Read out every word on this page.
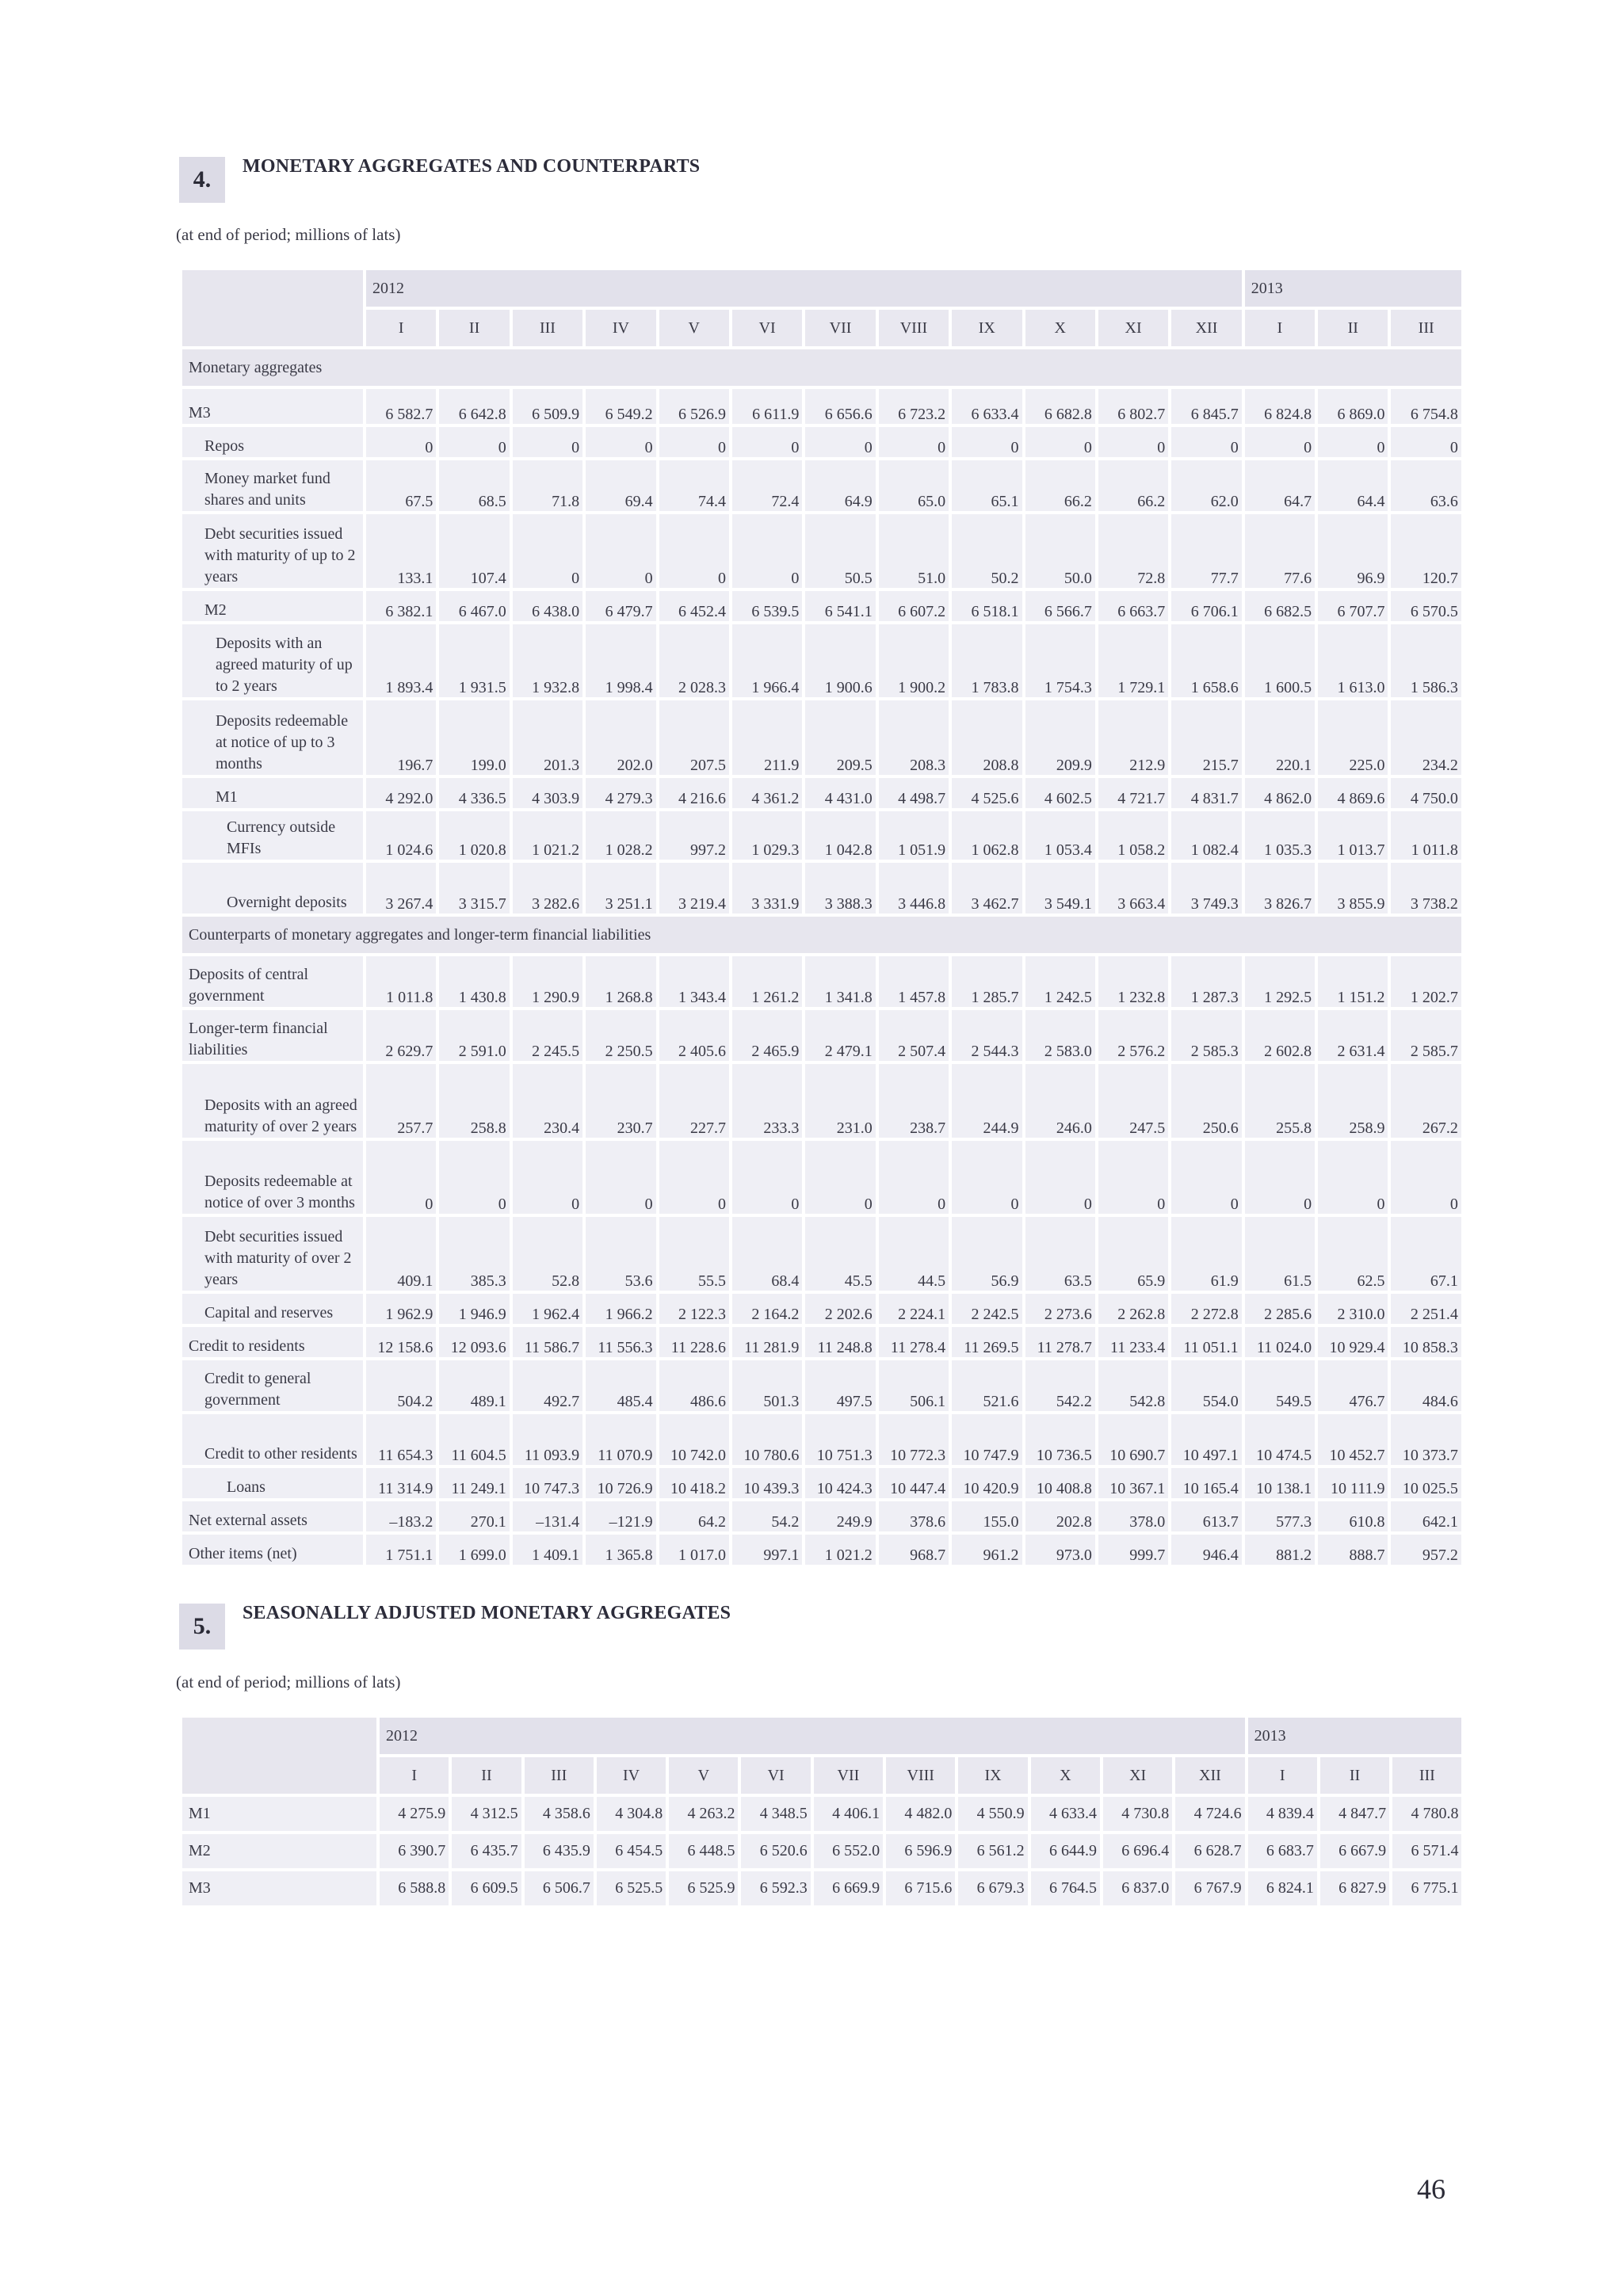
4.	MONETARY AGGREGATES AND COUNTERPARTS
(at end of period; millions of lats)
	2012												2013		
	I	II	III	IV	V	VI	VII	VIII	IX	X	XI	XII	I	II	III
Monetary aggregates															
M3	6 582.7	6 642.8	6 509.9	6 549.2	6 526.9	6 611.9	6 656.6	6 723.2	6 633.4	6 682.8	6 802.7	6 845.7	6 824.8	6 869.0	6 754.8
Repos	0	0	0	0	0	0	0	0	0	0	0	0	0	0	0
Money market fund shares and units	67.5	68.5	71.8	69.4	74.4	72.4	64.9	65.0	65.1	66.2	66.2	62.0	64.7	64.4	63.6
Debt securities issued with maturity of up to 2 years	133.1	107.4	0	0	0	0	50.5	51.0	50.2	50.0	72.8	77.7	77.6	96.9	120.7
M2	6 382.1	6 467.0	6 438.0	6 479.7	6 452.4	6 539.5	6 541.1	6 607.2	6 518.1	6 566.7	6 663.7	6 706.1	6 682.5	6 707.7	6 570.5
Deposits with an agreed maturity of up to 2 years	1 893.4	1 931.5	1 932.8	1 998.4	2 028.3	1 966.4	1 900.6	1 900.2	1 783.8	1 754.3	1 729.1	1 658.6	1 600.5	1 613.0	1 586.3
Deposits redeemable at notice of up to 3 months	196.7	199.0	201.3	202.0	207.5	211.9	209.5	208.3	208.8	209.9	212.9	215.7	220.1	225.0	234.2
M1	4 292.0	4 336.5	4 303.9	4 279.3	4 216.6	4 361.2	4 431.0	4 498.7	4 525.6	4 602.5	4 721.7	4 831.7	4 862.0	4 869.6	4 750.0
Currency outside MFIs	1 024.6	1 020.8	1 021.2	1 028.2	997.2	1 029.3	1 042.8	1 051.9	1 062.8	1 053.4	1 058.2	1 082.4	1 035.3	1 013.7	1 011.8
Overnight deposits	3 267.4	3 315.7	3 282.6	3 251.1	3 219.4	3 331.9	3 388.3	3 446.8	3 462.7	3 549.1	3 663.4	3 749.3	3 826.7	3 855.9	3 738.2
Counterparts of monetary aggregates and longer-term financial liabilities															
Deposits of central government	1 011.8	1 430.8	1 290.9	1 268.8	1 343.4	1 261.2	1 341.8	1 457.8	1 285.7	1 242.5	1 232.8	1 287.3	1 292.5	1 151.2	1 202.7
Longer-term financial liabilities	2 629.7	2 591.0	2 245.5	2 250.5	2 405.6	2 465.9	2 479.1	2 507.4	2 544.3	2 583.0	2 576.2	2 585.3	2 602.8	2 631.4	2 585.7
Deposits with an agreed maturity of over 2 years	257.7	258.8	230.4	230.7	227.7	233.3	231.0	238.7	244.9	246.0	247.5	250.6	255.8	258.9	267.2
Deposits redeemable at notice of over 3 months	0	0	0	0	0	0	0	0	0	0	0	0	0	0	0
Debt securities issued with maturity of over 2 years	409.1	385.3	52.8	53.6	55.5	68.4	45.5	44.5	56.9	63.5	65.9	61.9	61.5	62.5	67.1
Capital and reserves	1 962.9	1 946.9	1 962.4	1 966.2	2 122.3	2 164.2	2 202.6	2 224.1	2 242.5	2 273.6	2 262.8	2 272.8	2 285.6	2 310.0	2 251.4
Credit to residents	12 158.6	12 093.6	11 586.7	11 556.3	11 228.6	11 281.9	11 248.8	11 278.4	11 269.5	11 278.7	11 233.4	11 051.1	11 024.0	10 929.4	10 858.3
Credit to general government	504.2	489.1	492.7	485.4	486.6	501.3	497.5	506.1	521.6	542.2	542.8	554.0	549.5	476.7	484.6
Credit to other residents	11 654.3	11 604.5	11 093.9	11 070.9	10 742.0	10 780.6	10 751.3	10 772.3	10 747.9	10 736.5	10 690.7	10 497.1	10 474.5	10 452.7	10 373.7
Loans	11 314.9	11 249.1	10 747.3	10 726.9	10 418.2	10 439.3	10 424.3	10 447.4	10 420.9	10 408.8	10 367.1	10 165.4	10 138.1	10 111.9	10 025.5
Net external assets	–183.2	270.1	–131.4	–121.9	64.2	54.2	249.9	378.6	155.0	202.8	378.0	613.7	577.3	610.8	642.1
Other items (net)	1 751.1	1 699.0	1 409.1	1 365.8	1 017.0	997.1	1 021.2	968.7	961.2	973.0	999.7	946.4	881.2	888.7	957.2
5.	SEASONALLY ADJUSTED MONETARY AGGREGATES
(at end of period; millions of lats)
	2012												2013		
	I	II	III	IV	V	VI	VII	VIII	IX	X	XI	XII	I	II	III
M1	4 275.9	4 312.5	4 358.6	4 304.8	4 263.2	4 348.5	4 406.1	4 482.0	4 550.9	4 633.4	4 730.8	4 724.6	4 839.4	4 847.7	4 780.8
M2	6 390.7	6 435.7	6 435.9	6 454.5	6 448.5	6 520.6	6 552.0	6 596.9	6 561.2	6 644.9	6 696.4	6 628.7	6 683.7	6 667.9	6 571.4
M3	6 588.8	6 609.5	6 506.7	6 525.5	6 525.9	6 592.3	6 669.9	6 715.6	6 679.3	6 764.5	6 837.0	6 767.9	6 824.1	6 827.9	6 775.1
46
